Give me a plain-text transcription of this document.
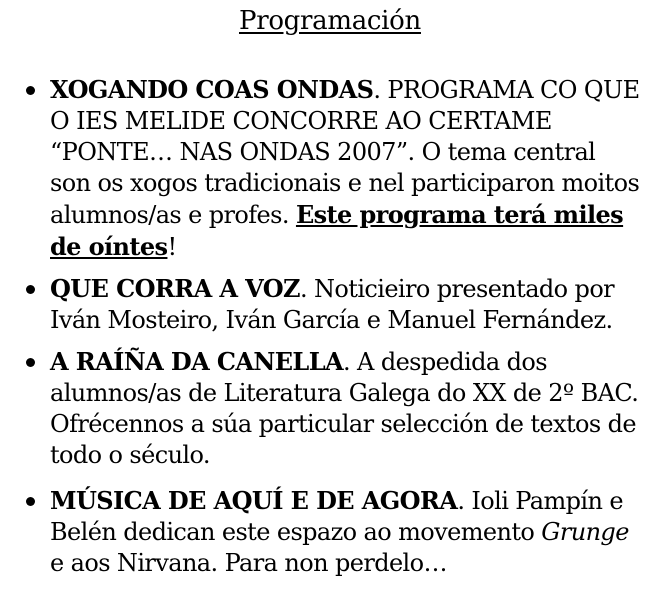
Programación
XOGANDO COAS ONDAS. PROGRAMA CO QUE O IES MELIDE CONCORRE AO CERTAME “PONTE… NAS ONDAS 2007”. O tema central son os xogos tradicionais e nel participaron moitos alumnos/as e profes. Este programa terá miles de oíntes!
QUE CORRA A VOZ. Noticieiro presentado por Iván Mosteiro, Iván García e Manuel Fernández.
A RAÍÑA DA CANELLA. A despedida dos alumnos/as de Literatura Galega do XX de 2º BAC. Ofrécennos a súa particular selección de textos de todo o século.
MÚSICA DE AQUÍ E DE AGORA. Ioli Pampín e Belén dedican este espazo ao movemento Grunge e aos Nirvana. Para non perdelo…
